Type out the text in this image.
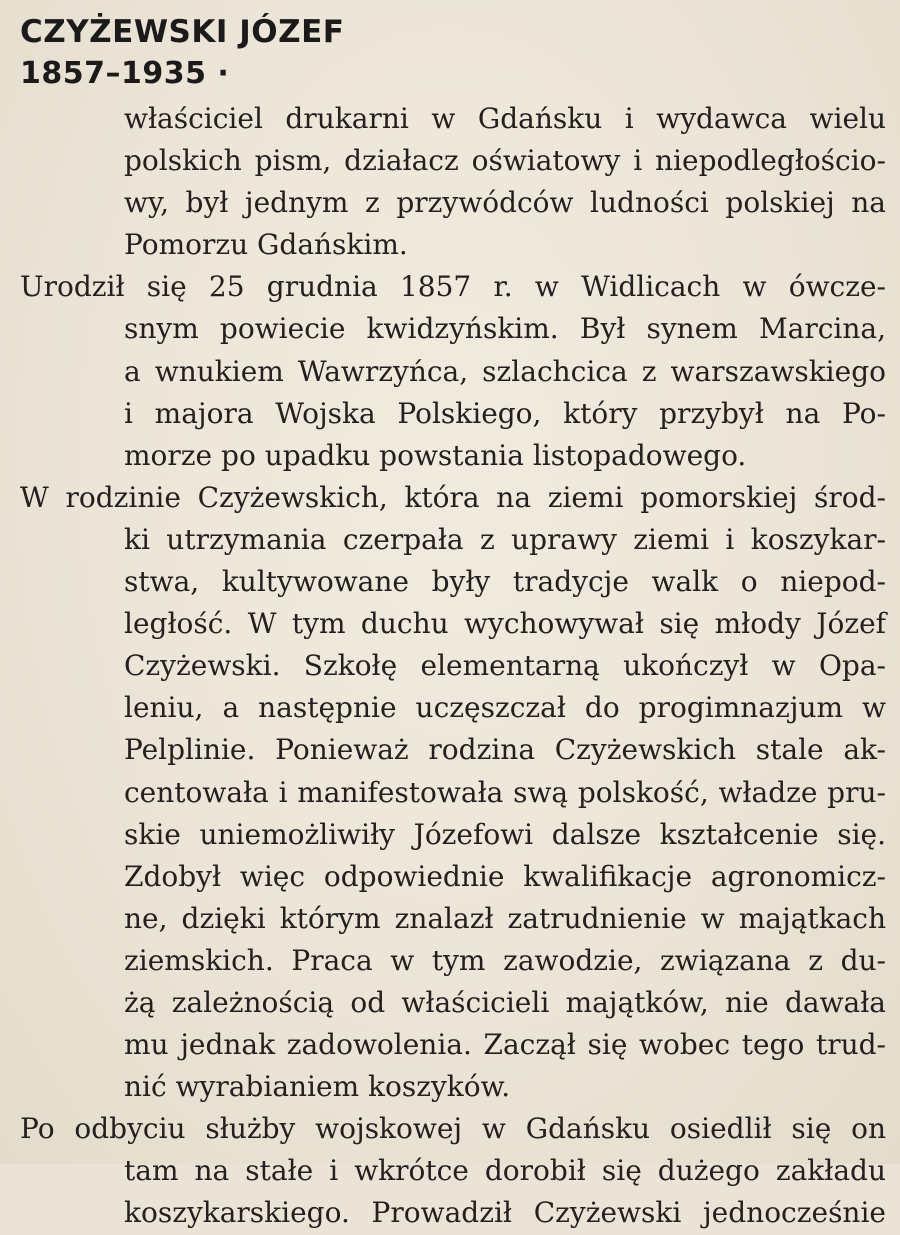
CZYŻEWSKI JÓZEF
1857–1935 ·
właściciel drukarni w Gdańsku i wydawca wielu
polskich pism, działacz oświatowy i niepodległościo-
wy, był jednym z przywódców ludności polskiej na
Pomorzu Gdańskim.
Urodził się 25 grudnia 1857 r. w Widlicach w ówcze-
snym powiecie kwidzyńskim. Był synem Marcina,
a wnukiem Wawrzyńca, szlachcica z warszawskiego
i majora Wojska Polskiego, który przybył na Po-
morze po upadku powstania listopadowego.
W rodzinie Czyżewskich, która na ziemi pomorskiej środ-
ki utrzymania czerpała z uprawy ziemi i koszykar-
stwa, kultywowane były tradycje walk o niepod-
ległość. W tym duchu wychowywał się młody Józef
Czyżewski. Szkołę elementarną ukończył w Opa-
leniu, a następnie uczęszczał do progimnazjum w
Pelplinie. Ponieważ rodzina Czyżewskich stale ak-
centowała i manifestowała swą polskość, władze pru-
skie uniemożliwiły Józefowi dalsze kształcenie się.
Zdobył więc odpowiednie kwalifikacje agronomicz-
ne, dzięki którym znalazł zatrudnienie w majątkach
ziemskich. Praca w tym zawodzie, związana z du-
żą zależnością od właścicieli majątków, nie dawała
mu jednak zadowolenia. Zaczął się wobec tego trud-
nić wyrabianiem koszyków.
Po odbyciu służby wojskowej w Gdańsku osiedlił się on
tam na stałe i wkrótce dorobił się dużego zakładu
koszykarskiego. Prowadził Czyżewski jednocześnie
